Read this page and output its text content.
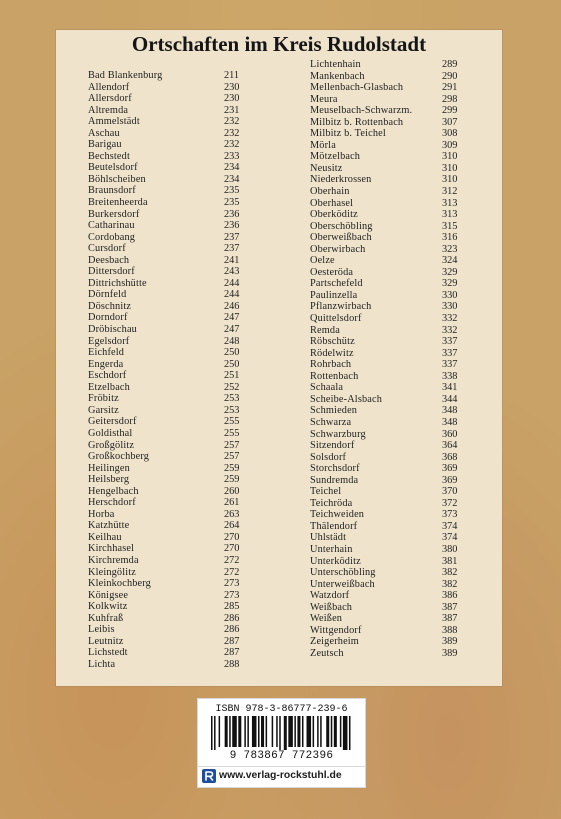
Ortschaften im Kreis Rudolstadt
Bad Blankenburg	211
Allendorf	230
Allersdorf	230
Altremda	231
Ammelstädt	232
Aschau	232
Barigau	232
Bechstedt	233
Beutelsdorf	234
Böhlscheiben	234
Braunsdorf	235
Breitenheerda	235
Burkersdorf	236
Catharinau	236
Cordobang	237
Cursdorf	237
Deesbach	241
Dittersdorf	243
Dittrichshütte	244
Dörnfeld	244
Döschnitz	246
Dorndorf	247
Dröbischau	247
Egelsdorf	248
Eichfeld	250
Engerda	250
Eschdorf	251
Etzelbach	252
Fröbitz	253
Garsitz	253
Geitersdorf	255
Goldisthal	255
Großgölitz	257
Großkochberg	257
Heilingen	259
Heilsberg	259
Hengelbach	260
Herschdorf	261
Horba	263
Katzhütte	264
Keilhau	270
Kirchhasel	270
Kirchremda	272
Kleingölitz	272
Kleinkochberg	273
Königsee	273
Kolkwitz	285
Kuhfraß	286
Leibis	286
Leutnitz	287
Lichstedt	287
Lichta	288
Lichtenhain	289
Mankenbach	290
Mellenbach-Glasbach	291
Meura	298
Meuselbach-Schwarzm.	299
Milbitz b. Rottenbach	307
Milbitz b. Teichel	308
Mörla	309
Mötzelbach	310
Neusitz	310
Niederkrossen	310
Oberhain	312
Oberhasel	313
Oberköditz	313
Oberschöbling	315
Oberweißbach	316
Oberwirbach	323
Oelze	324
Oesteröda	329
Partschefeld	329
Paulinzella	330
Pflanzwirbach	330
Quittelsdorf	332
Remda	332
Röbschütz	337
Rödelwitz	337
Rohrbach	337
Rottenbach	338
Schaala	341
Scheibe-Alsbach	344
Schmieden	348
Schwarza	348
Schwarzburg	360
Sitzendorf	364
Solsdorf	368
Storchsdorf	369
Sundremda	369
Teichel	370
Teichröda	372
Teichweiden	373
Thälendorf	374
Uhlstädt	374
Unterhain	380
Unterköditz	381
Unterschöbling	382
Unterweißbach	382
Watzdorf	386
Weißbach	387
Weißen	387
Wittgendorf	388
Zeigerheim	389
Zeutsch	389
ISBN 978-3-86777-239-6
9 783867 772396
www.verlag-rockstuhl.de
